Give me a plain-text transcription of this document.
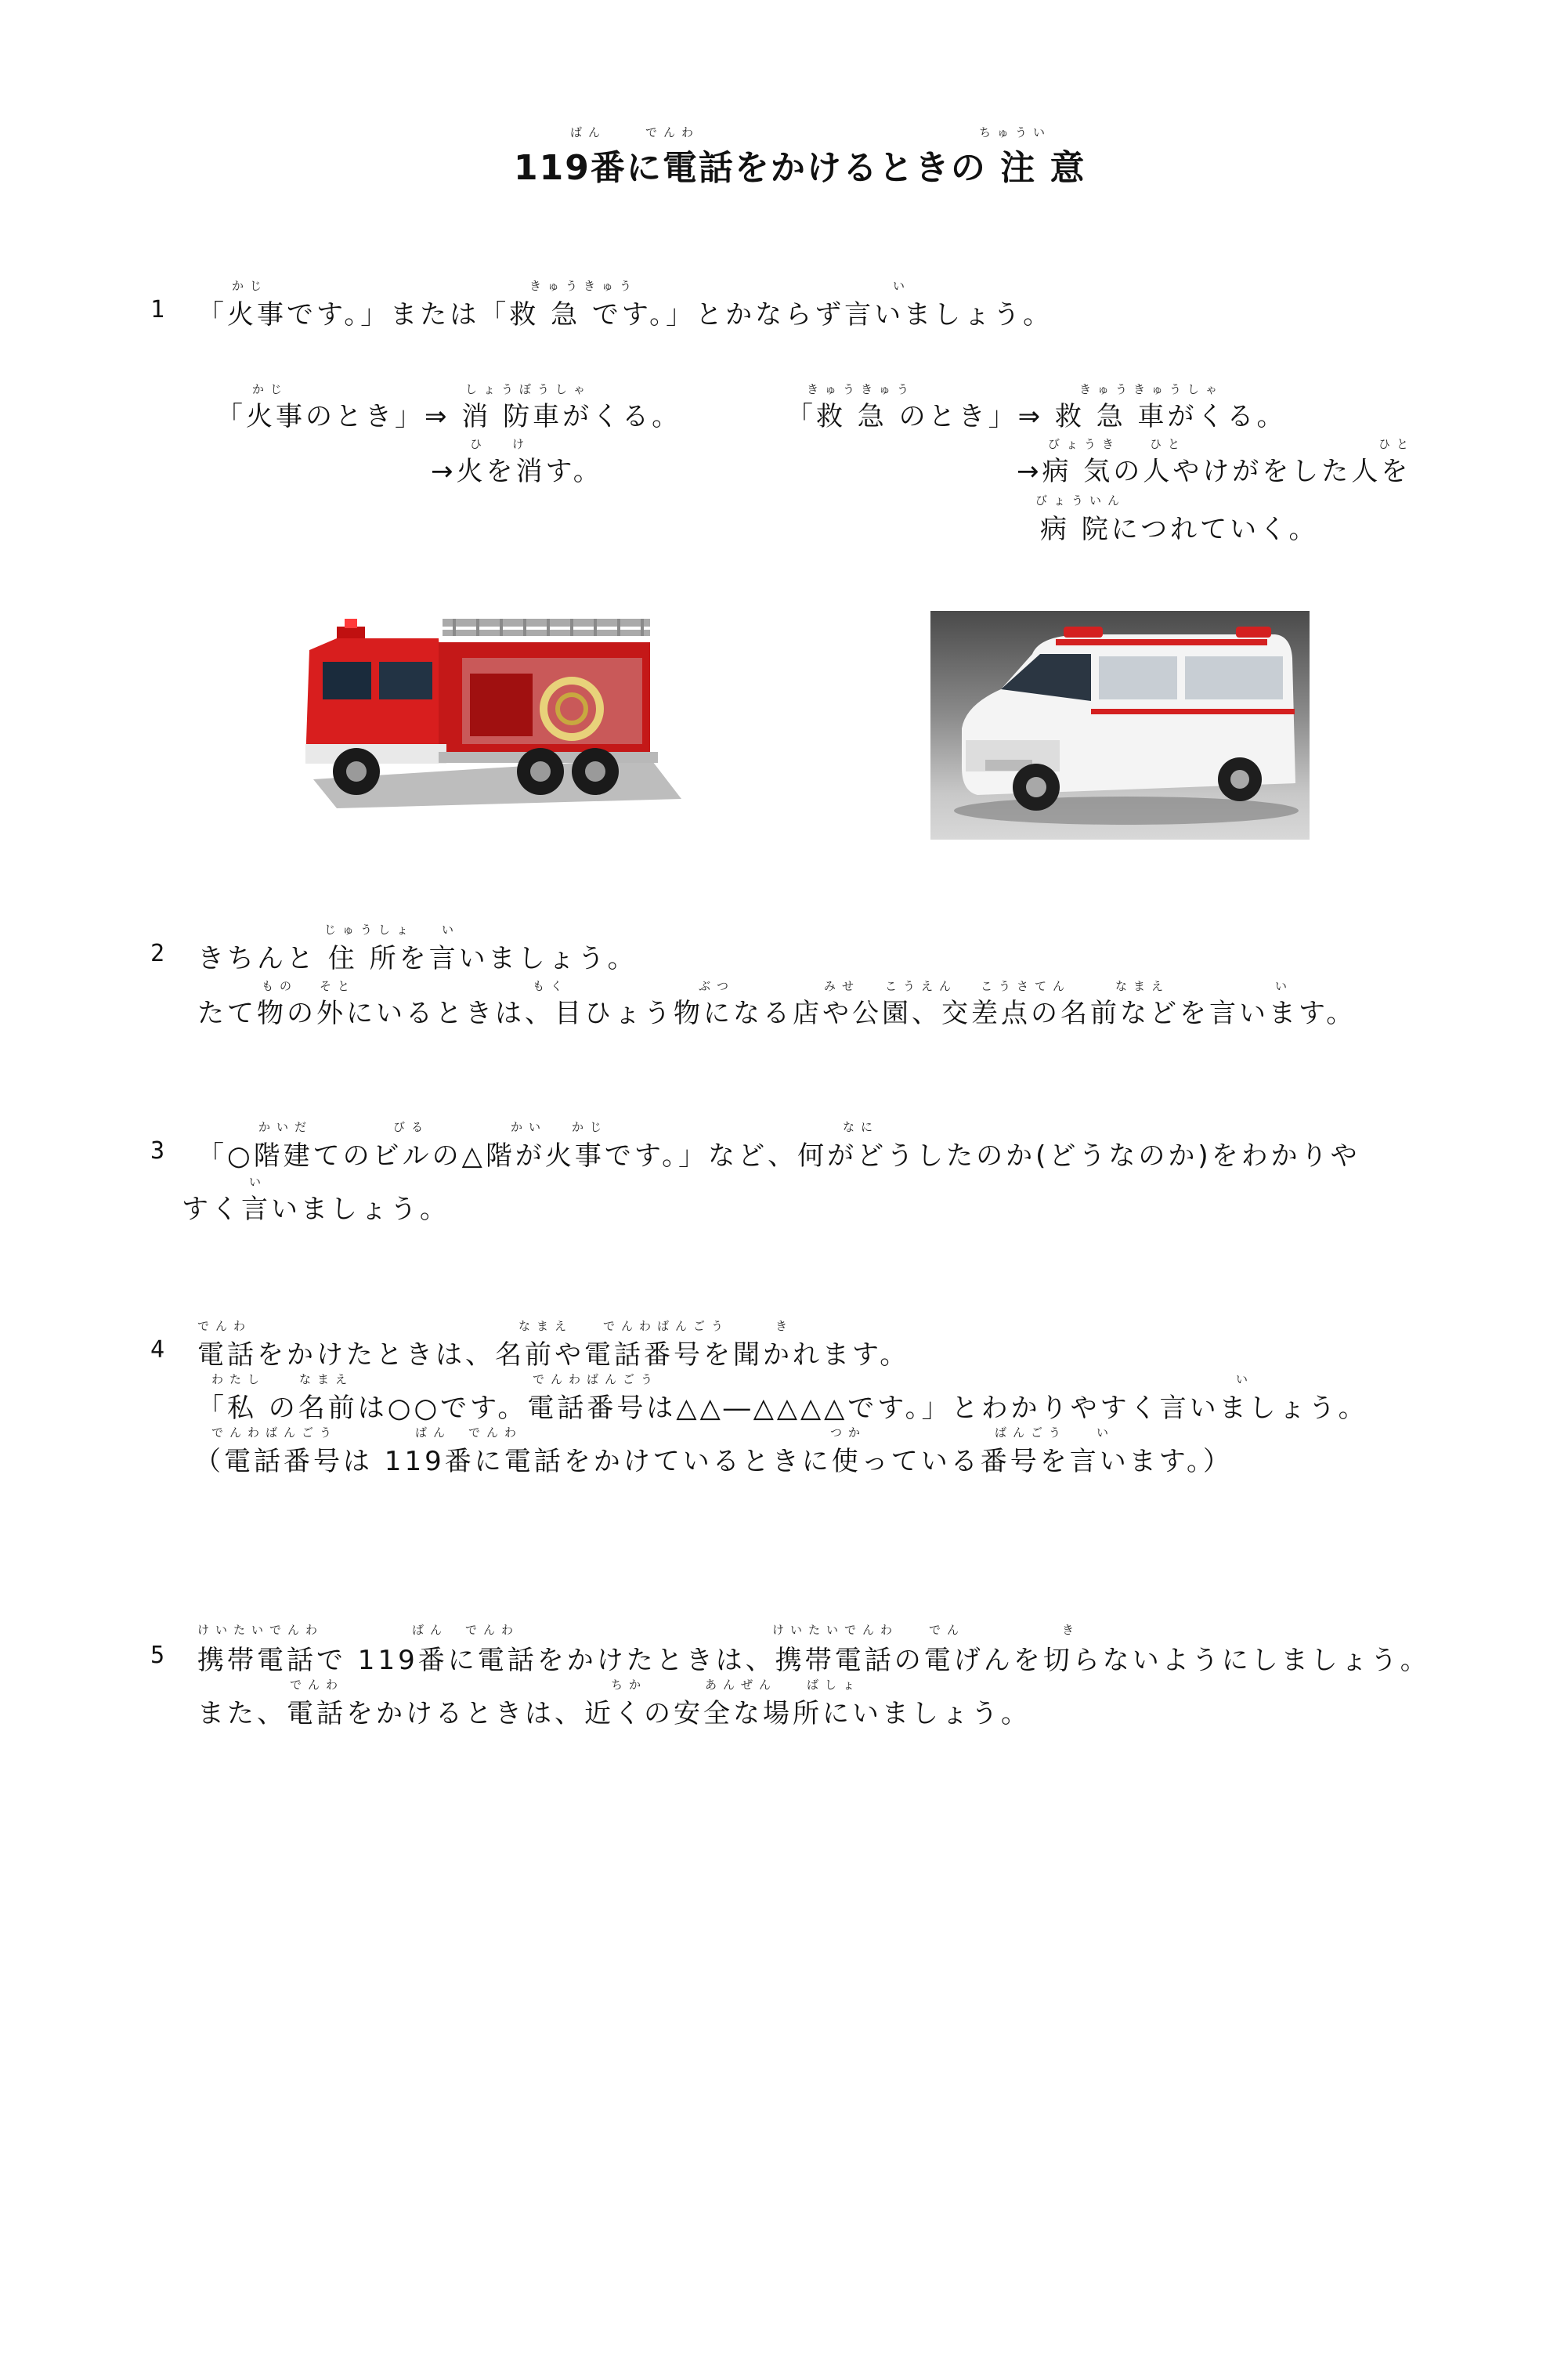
ばん	でんわ	ちゅうい
119番に電話をかけるときの 注 意
かじ	きゅうきゅう	い
1 「火事です。」または「救 急 です。」とかならず言いましょう。
かじ	しょうぼうしゃ
「火事のとき」⇒ 消 防車がくる。
きゅうきゅう	きゅうきゅうしゃ
「救 急 のとき」⇒ 救 急 車がくる。
ひ け
→火を消す。
びょうき	ひと	ひと
→病 気の人やけがをした人を
びょういん
病 院につれていく。
じゅうしょ い
2 きちんと 住 所を言いましょう。
もの そと	もく	ぶつ	みせ こうえん こうさてん	なまえ	い
たて物の外にいるときは、目ひょう物になる店や公園、交差点の名前などを言います。
かいだ	びる	かい かじ	なに
3 「○階建てのビルの△階が火事です。」など、何がどうしたのか(どうなのか)をわかりや
い
すく言いましょう。
でんわ	なまえ	でんわばんごう	き
4 電話をかけたときは、名前や電話番号を聞かれます。
わたし	なまえ	でんわばんごう	い
「私 の名前は○○です。電話番号は△△―△△△△です。」とわかりやすく言いましょう。
でんわばんごう	ばん でんわ	つか	ばんごう	い
（電話番号は 119番に電話をかけているときに使っている番号を言います。）
けいたいでんわ	ばん でんわ	けいたいでんわ	でん	き
5 携帯電話で 119番に電話をかけたときは、携帯電話の電げんを切らないようにしましょう。
でんわ	ちか	あんぜん	ばしょ
また、電話をかけるときは、近くの安全な場所にいましょう。
